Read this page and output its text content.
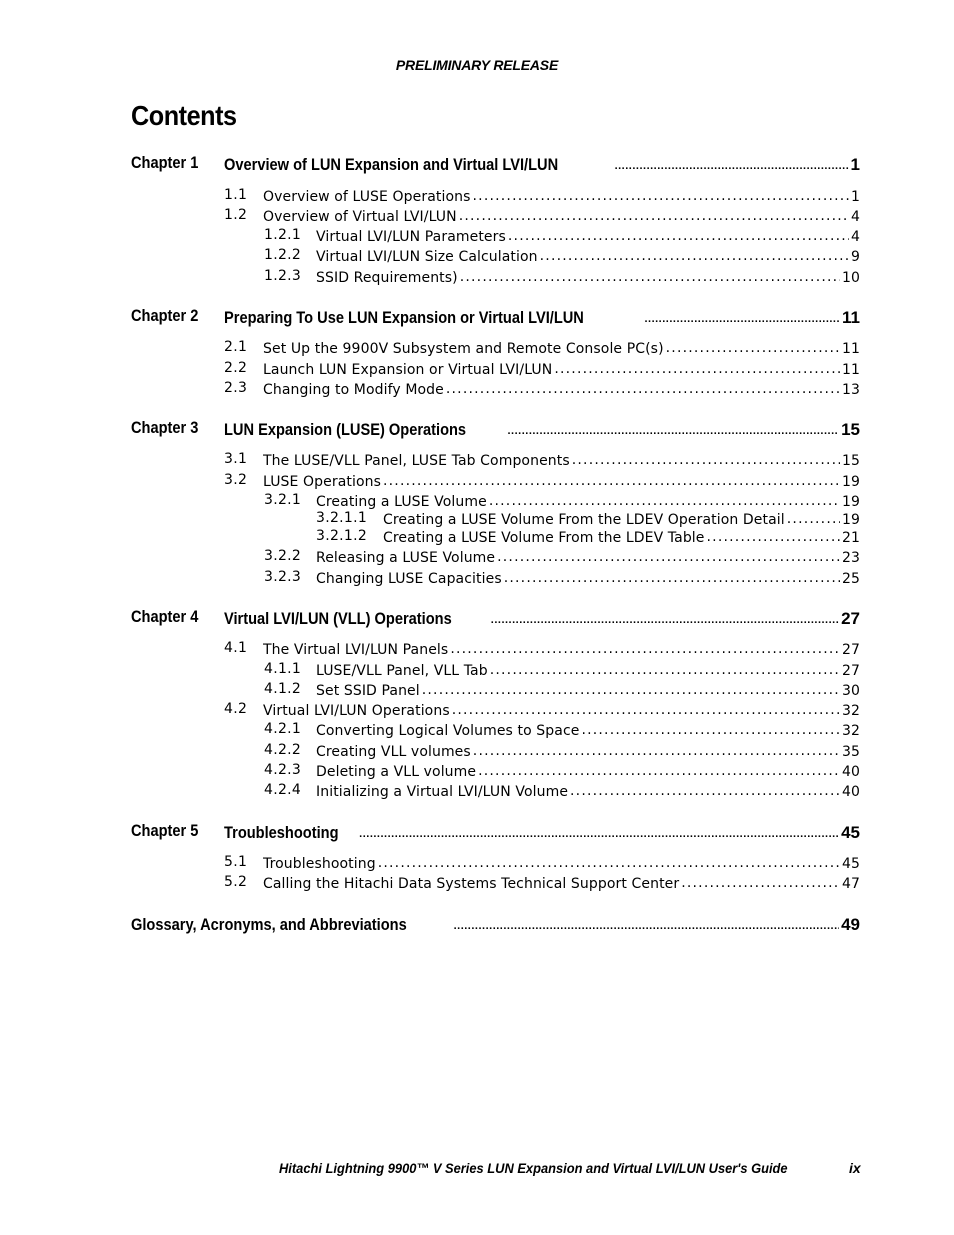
PRELIMINARY RELEASE
Contents
Chapter 1 Overview of LUN Expansion and Virtual LVI/LUN .....	1
1.1 Overview of LUSE Operations .....	1
1.2 Overview of Virtual LVI/LUN .....	4
1.2.1 Virtual LVI/LUN Parameters .....	4
1.2.2 Virtual LVI/LUN Size Calculation .....	9
1.2.3 SSID Requirements) .....	10
Chapter 2 Preparing To Use LUN Expansion or Virtual LVI/LUN .....	11
2.1 Set Up the 9900V Subsystem and Remote Console PC(s) .....	11
2.2 Launch LUN Expansion or Virtual LVI/LUN .....	11
2.3 Changing to Modify Mode .....	13
Chapter 3 LUN Expansion (LUSE) Operations .....	15
3.1 The LUSE/VLL Panel, LUSE Tab Components .....	15
3.2 LUSE Operations .....	19
3.2.1 Creating a LUSE Volume .....	19
3.2.1.1 Creating a LUSE Volume From the LDEV Operation Detail .....	19
3.2.1.2 Creating a LUSE Volume From the LDEV Table .....	21
3.2.2 Releasing a LUSE Volume .....	23
3.2.3 Changing LUSE Capacities .....	25
Chapter 4 Virtual LVI/LUN (VLL) Operations .....	27
4.1 The Virtual LVI/LUN Panels .....	27
4.1.1 LUSE/VLL Panel, VLL Tab .....	27
4.1.2 Set SSID Panel .....	30
4.2 Virtual LVI/LUN Operations .....	32
4.2.1 Converting Logical Volumes to Space .....	32
4.2.2 Creating VLL volumes .....	35
4.2.3 Deleting a VLL volume .....	40
4.2.4 Initializing a Virtual LVI/LUN Volume .....	40
Chapter 5 Troubleshooting .....	45
5.1 Troubleshooting .....	45
5.2 Calling the Hitachi Data Systems Technical Support Center .....	47
Glossary, Acronyms, and Abbreviations .....	49
Hitachi Lightning 9900™ V Series LUN Expansion and Virtual LVI/LUN User's Guide	ix
